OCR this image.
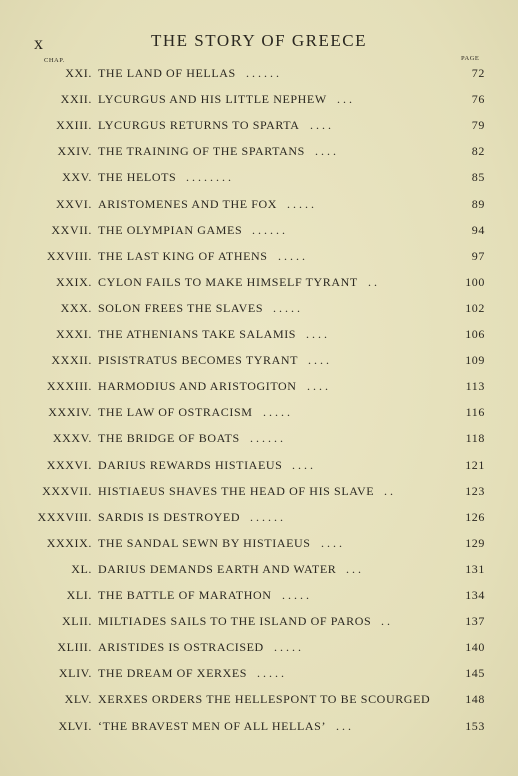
x	THE STORY OF GREECE
CHAP.	PAGE
XXI. THE LAND OF HELLAS . . . . . .	72
XXII. LYCURGUS AND HIS LITTLE NEPHEW . . .	76
XXIII. LYCURGUS RETURNS TO SPARTA . . . .	79
XXIV. THE TRAINING OF THE SPARTANS . . . .	82
XXV. THE HELOTS . . . . . . . .	85
XXVI. ARISTOMENES AND THE FOX . . . . .	89
XXVII. THE OLYMPIAN GAMES . . . . . .	94
XXVIII. THE LAST KING OF ATHENS . . . . .	97
XXIX. CYLON FAILS TO MAKE HIMSELF TYRANT . .	100
XXX. SOLON FREES THE SLAVES . . . . .	102
XXXI. THE ATHENIANS TAKE SALAMIS . . . .	106
XXXII. PISISTRATUS BECOMES TYRANT . . . .	109
XXXIII. HARMODIUS AND ARISTOGITON . . . .	113
XXXIV. THE LAW OF OSTRACISM . . . . .	116
XXXV. THE BRIDGE OF BOATS . . . . . .	118
XXXVI. DARIUS REWARDS HISTIAEUS . . . .	121
XXXVII. HISTIAEUS SHAVES THE HEAD OF HIS SLAVE . .	123
XXXVIII. SARDIS IS DESTROYED . . . . . .	126
XXXIX. THE SANDAL SEWN BY HISTIAEUS . . . .	129
XL. DARIUS DEMANDS EARTH AND WATER . . .	131
XLI. THE BATTLE OF MARATHON . . . . .	134
XLII. MILTIADES SAILS TO THE ISLAND OF PAROS . .	137
XLIII. ARISTIDES IS OSTRACISED . . . . .	140
XLIV. THE DREAM OF XERXES . . . . .	145
XLV. XERXES ORDERS THE HELLESPONT TO BE SCOURGED	148
XLVI. ‘THE BRAVEST MEN OF ALL HELLAS’ . . .	153
